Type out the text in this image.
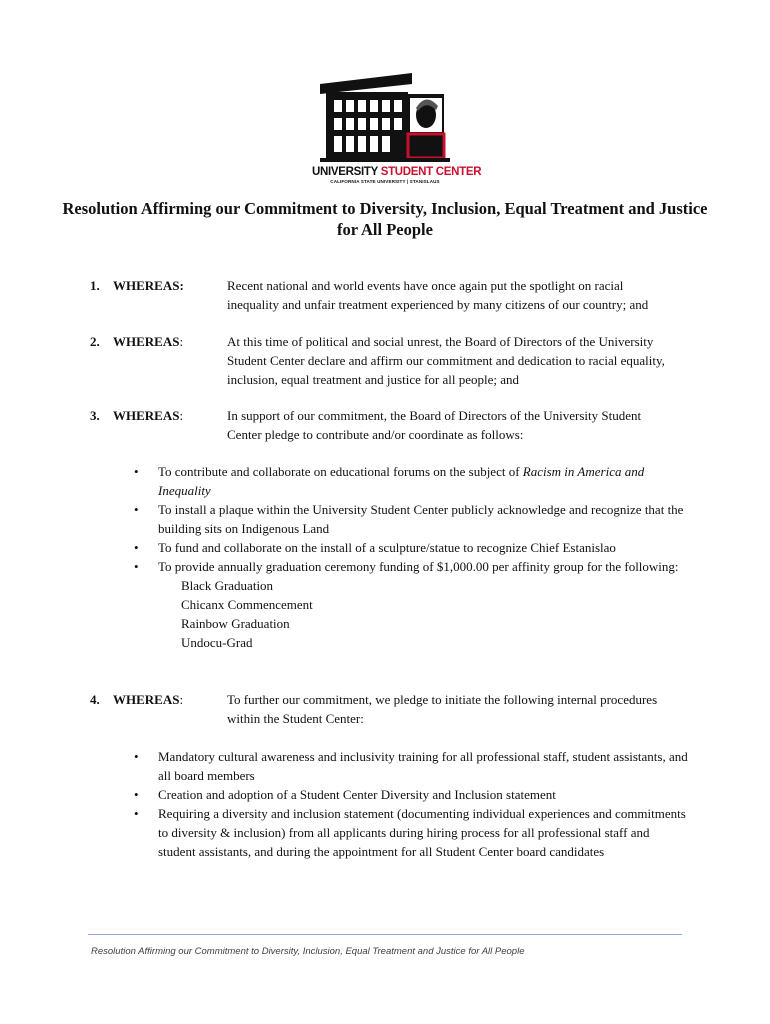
UNIVERSITY STUDENT CENTER
CALIFORNIA STATE UNIVERSITY | STANISLAUS
Resolution Affirming our Commitment to Diversity, Inclusion, Equal Treatment and Justice for All People
1. WHEREAS:	Recent national and world events have once again put the spotlight on racial inequality and unfair treatment experienced by many citizens of our country; and
2. WHEREAS:	At this time of political and social unrest, the Board of Directors of the University Student Center declare and affirm our commitment and dedication to racial equality, inclusion, equal treatment and justice for all people; and
3. WHEREAS:	In support of our commitment, the Board of Directors of the University Student Center pledge to contribute and/or coordinate as follows:
• To contribute and collaborate on educational forums on the subject of Racism in America and Inequality
• To install a plaque within the University Student Center publicly acknowledge and recognize that the building sits on Indigenous Land
• To fund and collaborate on the install of a sculpture/statue to recognize Chief Estanislao
• To provide annually graduation ceremony funding of $1,000.00 per affinity group for the following:
Black Graduation
Chicanx Commencement
Rainbow Graduation
Undocu-Grad
4. WHEREAS:	To further our commitment, we pledge to initiate the following internal procedures within the Student Center:
• Mandatory cultural awareness and inclusivity training for all professional staff, student assistants, and all board members
• Creation and adoption of a Student Center Diversity and Inclusion statement
• Requiring a diversity and inclusion statement (documenting individual experiences and commitments to diversity & inclusion) from all applicants during hiring process for all professional staff and student assistants, and during the appointment for all Student Center board candidates
Resolution Affirming our Commitment to Diversity, Inclusion, Equal Treatment and Justice for All People
